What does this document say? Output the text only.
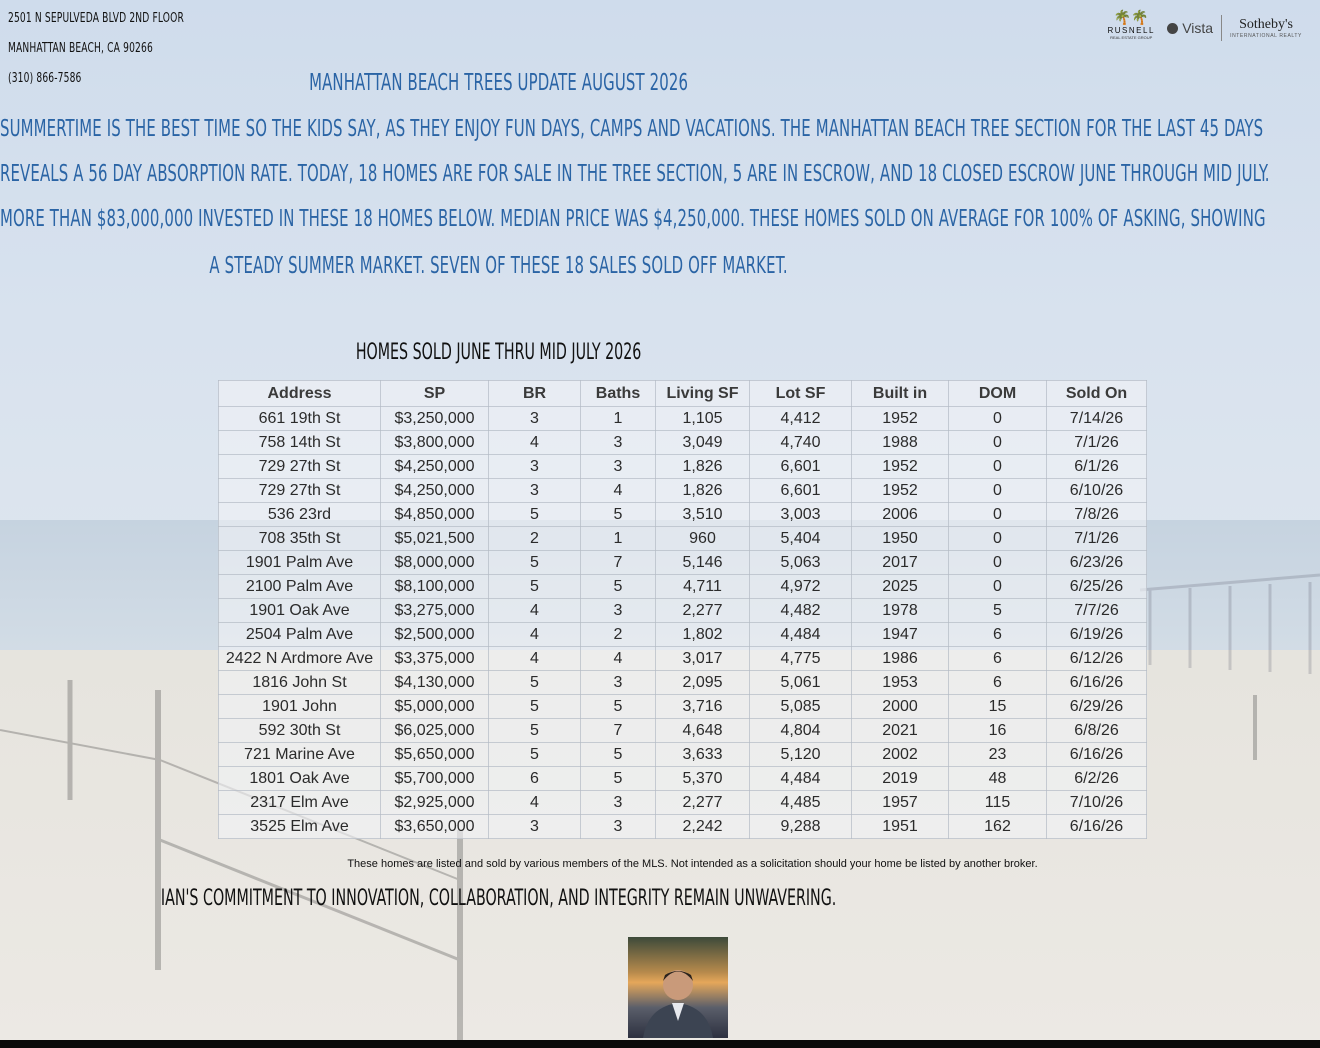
2501 N SEPULVEDA BLVD 2ND FLOOR
MANHATTAN BEACH, CA 90266
(310) 866-7586
🌴🌴
RUSNELL
REAL ESTATE GROUP
Vista	Sotheby's
INTERNATIONAL REALTY
MANHATTAN BEACH TREES UPDATE AUGUST 2026
SUMMERTIME IS THE BEST TIME SO THE KIDS SAY, AS THEY ENJOY FUN DAYS, CAMPS AND VACATIONS. THE MANHATTAN BEACH TREE SECTION FOR THE LAST 45 DAYS
REVEALS A 56 DAY ABSORPTION RATE. TODAY, 18 HOMES ARE FOR SALE IN THE TREE SECTION, 5 ARE IN ESCROW, AND 18 CLOSED ESCROW JUNE THROUGH MID JULY.
MORE THAN $83,000,000 INVESTED IN THESE 18 HOMES BELOW. MEDIAN PRICE WAS $4,250,000. THESE HOMES SOLD ON AVERAGE FOR 100% OF ASKING, SHOWING
A STEADY SUMMER MARKET. SEVEN OF THESE 18 SALES SOLD OFF MARKET.
HOMES SOLD JUNE THRU MID JULY 2026
Address	SP	BR	Baths	Living SF	Lot SF	Built in	DOM	Sold On
661 19th St	$3,250,000	3	1	1,105	4,412	1952	0	7/14/26
758 14th St	$3,800,000	4	3	3,049	4,740	1988	0	7/1/26
729 27th St	$4,250,000	3	3	1,826	6,601	1952	0	6/1/26
729 27th St	$4,250,000	3	4	1,826	6,601	1952	0	6/10/26
536 23rd	$4,850,000	5	5	3,510	3,003	2006	0	7/8/26
708 35th St	$5,021,500	2	1	960	5,404	1950	0	7/1/26
1901 Palm Ave	$8,000,000	5	7	5,146	5,063	2017	0	6/23/26
2100 Palm Ave	$8,100,000	5	5	4,711	4,972	2025	0	6/25/26
1901 Oak Ave	$3,275,000	4	3	2,277	4,482	1978	5	7/7/26
2504 Palm Ave	$2,500,000	4	2	1,802	4,484	1947	6	6/19/26
2422 N Ardmore Ave	$3,375,000	4	4	3,017	4,775	1986	6	6/12/26
1816 John St	$4,130,000	5	3	2,095	5,061	1953	6	6/16/26
1901 John	$5,000,000	5	5	3,716	5,085	2000	15	6/29/26
592 30th St	$6,025,000	5	7	4,648	4,804	2021	16	6/8/26
721 Marine Ave	$5,650,000	5	5	3,633	5,120	2002	23	6/16/26
1801 Oak Ave	$5,700,000	6	5	5,370	4,484	2019	48	6/2/26
2317 Elm Ave	$2,925,000	4	3	2,277	4,485	1957	115	7/10/26
3525 Elm Ave	$3,650,000	3	3	2,242	9,288	1951	162	6/16/26
These homes are listed and sold by various members of the MLS. Not intended as a solicitation should your home be listed by another broker.
IAN'S COMMITMENT TO INNOVATION, COLLABORATION, AND INTEGRITY REMAIN UNWAVERING.
